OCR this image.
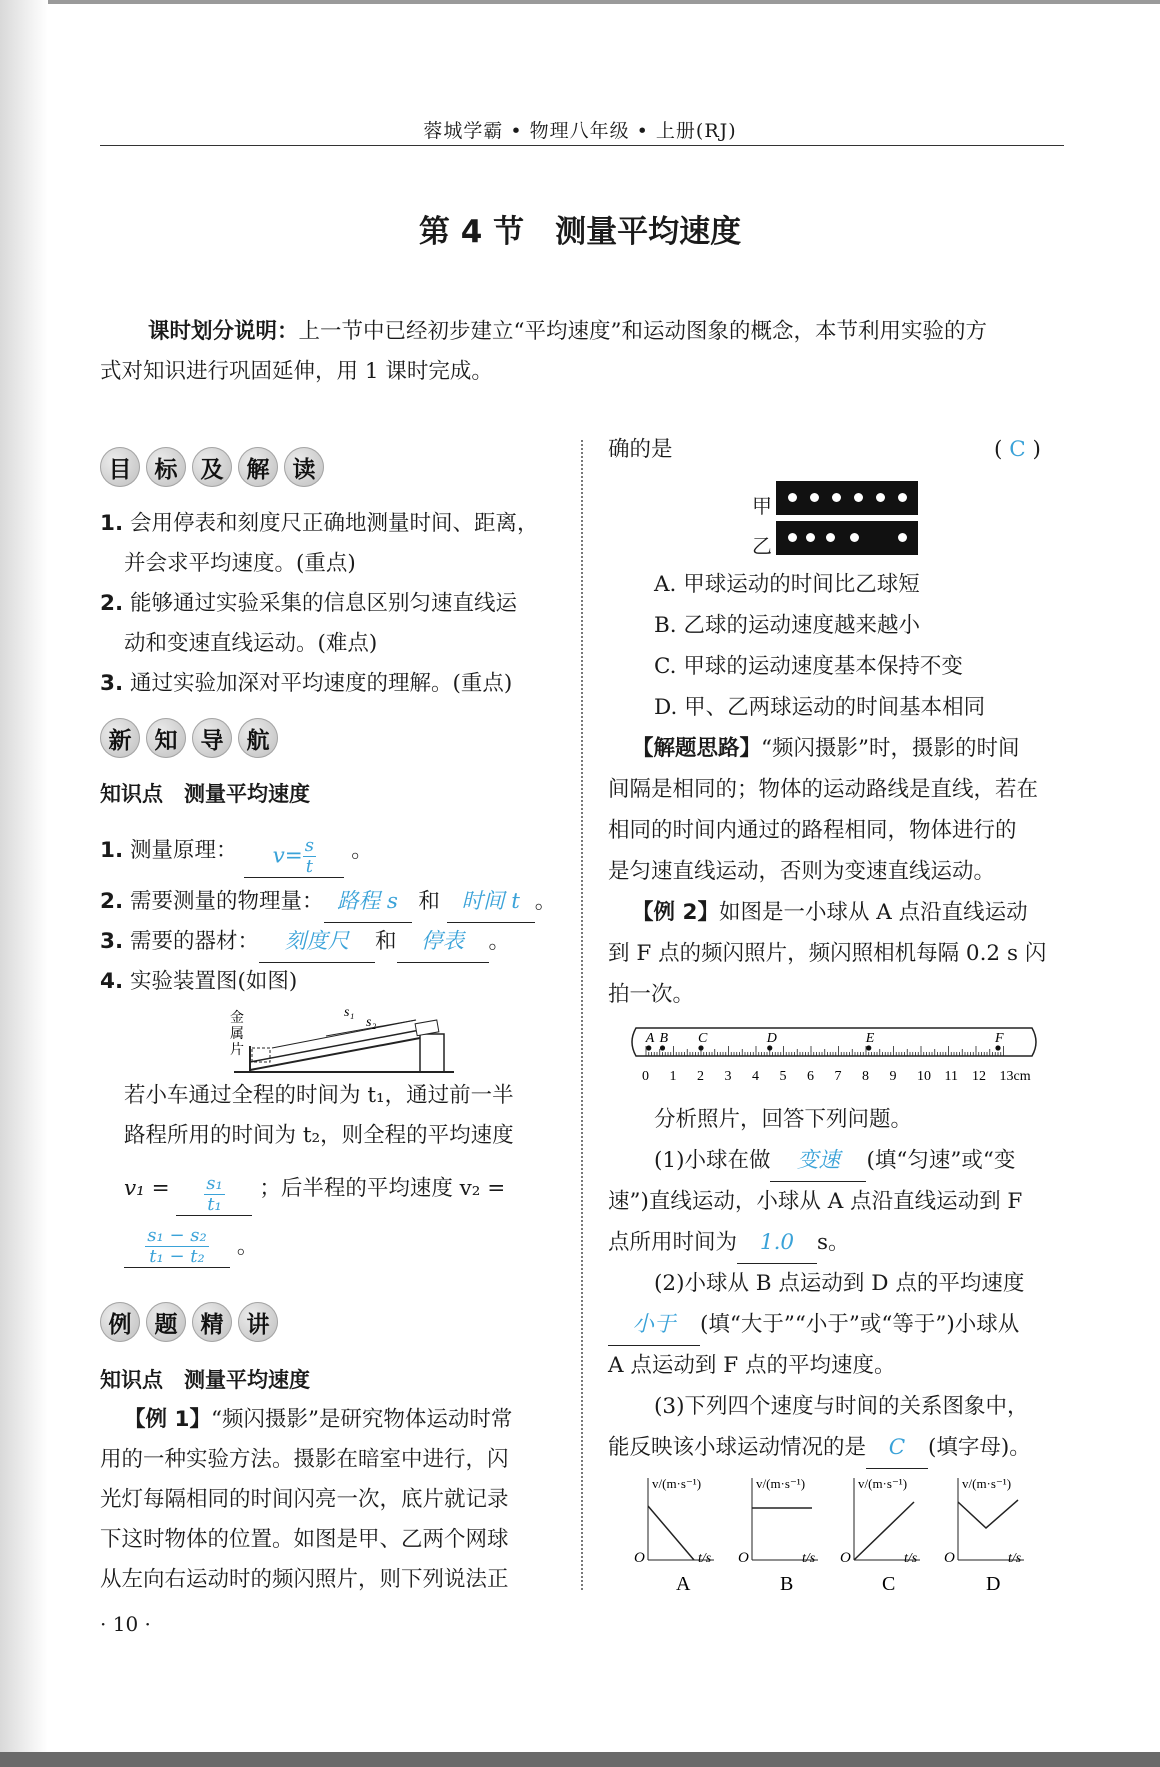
蓉城学霸 • 物理八年级 • 上册(RJ)
第 4 节　测量平均速度
课时划分说明：上一节中已经初步建立“平均速度”和运动图象的概念，本节利用实验的方
式对知识进行巩固延伸，用 1 课时完成。
目	标	及	解	读
1. 会用停表和刻度尺正确地测量时间、距离，
并会求平均速度。(重点)
2. 能够通过实验采集的信息区别匀速直线运
动和变速直线运动。(难点)
3. 通过实验加深对平均速度的理解。(重点)
新	知	导	航
知识点　测量平均速度
1. 测量原理： $v= \frac{s}{t}$ 。
2. 需要测量的物理量： 路程 s 和 时间 t 。
3. 需要的器材： 刻度尺 和 停表 。
4. 实验装置图(如图)
金
属
片
s₁
s₂
若小车通过全程的时间为 t₁，通过前一半
路程所用的时间为 t₂，则全程的平均速度
$v_1 = \frac{\text{s₁}}{\text{t₁}}$ ；后半程的平均速度 v₂ =
$\frac{\text{s₁ − s₂}}{\text{t₁ − t₂}}$ 。
例	题	精	讲
知识点　测量平均速度
【例 1】“频闪摄影”是研究物体运动时常
用的一种实验方法。摄影在暗室中进行，闪
光灯每隔相同的时间闪亮一次，底片就记录
下这时物体的位置。如图是甲、乙两个网球
从左向右运动时的频闪照片，则下列说法正
· 10 ·
确的是	( C )
甲
乙
A. 甲球运动的时间比乙球短
B. 乙球的运动速度越来越小
C. 甲球的运动速度基本保持不变
D. 甲、乙两球运动的时间基本相同
【解题思路】“频闪摄影”时，摄影的时间
间隔是相同的；物体的运动路线是直线，若在
相同的时间内通过的路程相同，物体进行的
是匀速直线运动，否则为变速直线运动。
【例 2】如图是一小球从 A 点沿直线运动
到 F 点的频闪照片，频闪照相机每隔 0.2 s 闪
拍一次。
0 1 2 3 4 5 6 7 8 9 10 11 12 13cm
A B C	D	E	F
分析照片，回答下列问题。
(1)小球在做 变速 (填“匀速”或“变
速”)直线运动，小球从 A 点沿直线运动到 F
点所用时间为 1.0 s。
(2)小球从 B 点运动到 D 点的平均速度
小于 (填“大于”“小于”或“等于”)小球从
A 点运动到 F 点的平均速度。
(3)下列四个速度与时间的关系图象中，
能反映该小球运动情况的是 C (填字母)。
v/(m·s⁻¹)
t/s
O
A
v/(m·s⁻¹)
t/s
O
B
v/(m·s⁻¹)
t/s
O
C
v/(m·s⁻¹)
t/s
O
D
